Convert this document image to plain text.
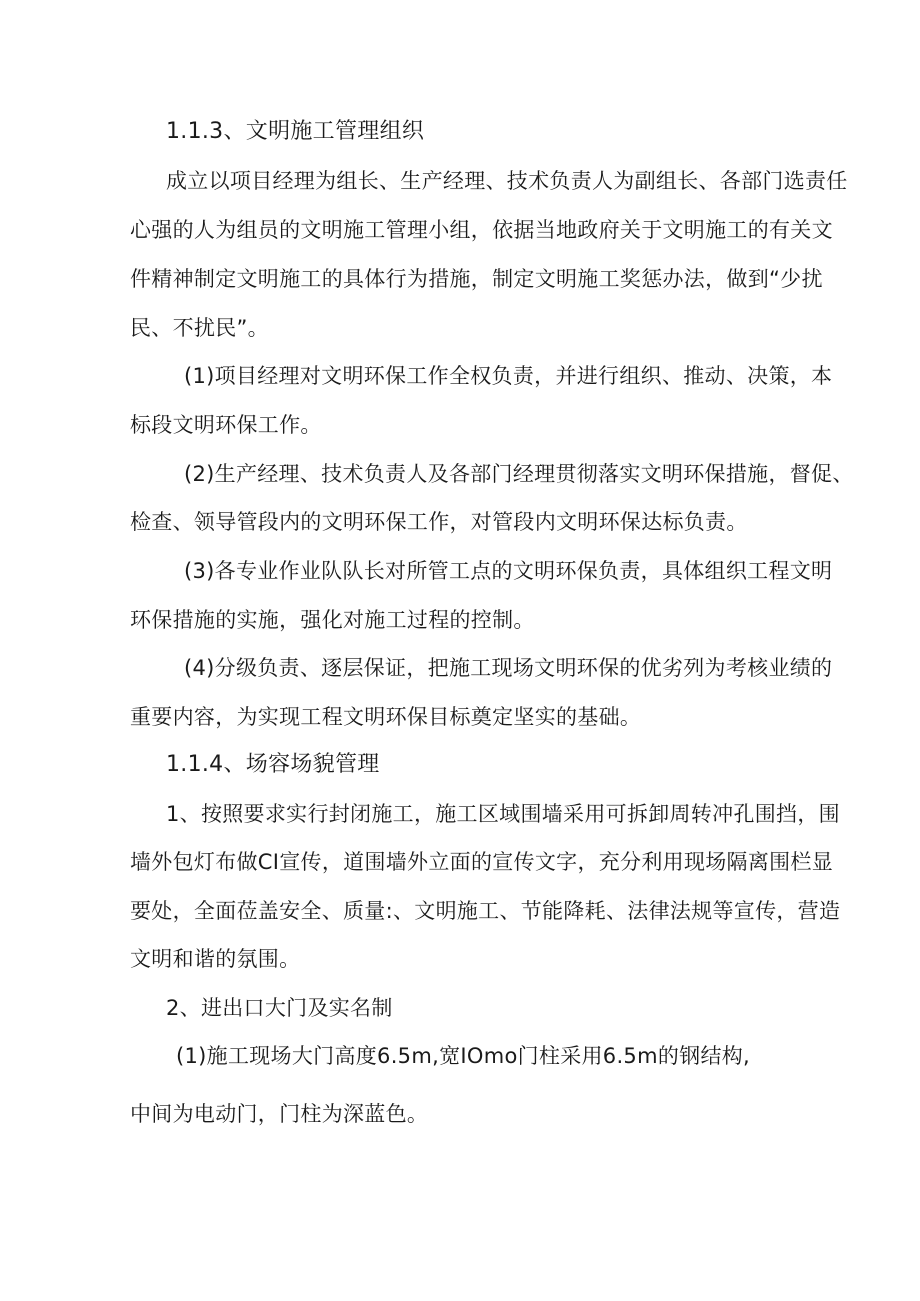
1.1.3、文明施工管理组织
成立以项目经理为组长、生产经理、技术负责人为副组长、各部门选责任
心强的人为组员的文明施工管理小组，依据当地政府关于文明施工的有关文
件精神制定文明施工的具体行为措施，制定文明施工奖惩办法，做到“少扰
民、不扰民”。
(1)项目经理对文明环保工作全权负责，并进行组织、推动、决策，本
标段文明环保工作。
(2)生产经理、技术负责人及各部门经理贯彻落实文明环保措施，督促、
检查、领导管段内的文明环保工作，对管段内文明环保达标负责。
(3)各专业作业队队长对所管工点的文明环保负责，具体组织工程文明
环保措施的实施，强化对施工过程的控制。
(4)分级负责、逐层保证，把施工现场文明环保的优劣列为考核业绩的
重要内容，为实现工程文明环保目标奠定坚实的基础。
1.1.4、场容场貌管理
1、按照要求实行封闭施工，施工区域围墙采用可拆卸周转冲孔围挡，围
墙外包灯布做CI宣传，道围墙外立面的宣传文字，充分利用现场隔离围栏显
要处，全面莅盖安全、质量:、文明施工、节能降耗、法律法规等宣传，营造
文明和谐的氛围。
2、进出口大门及实名制
(1)施工现场大门高度6.5m,宽IOmo门柱采用6.5m的钢结构,
中间为电动门，门柱为深蓝色。
